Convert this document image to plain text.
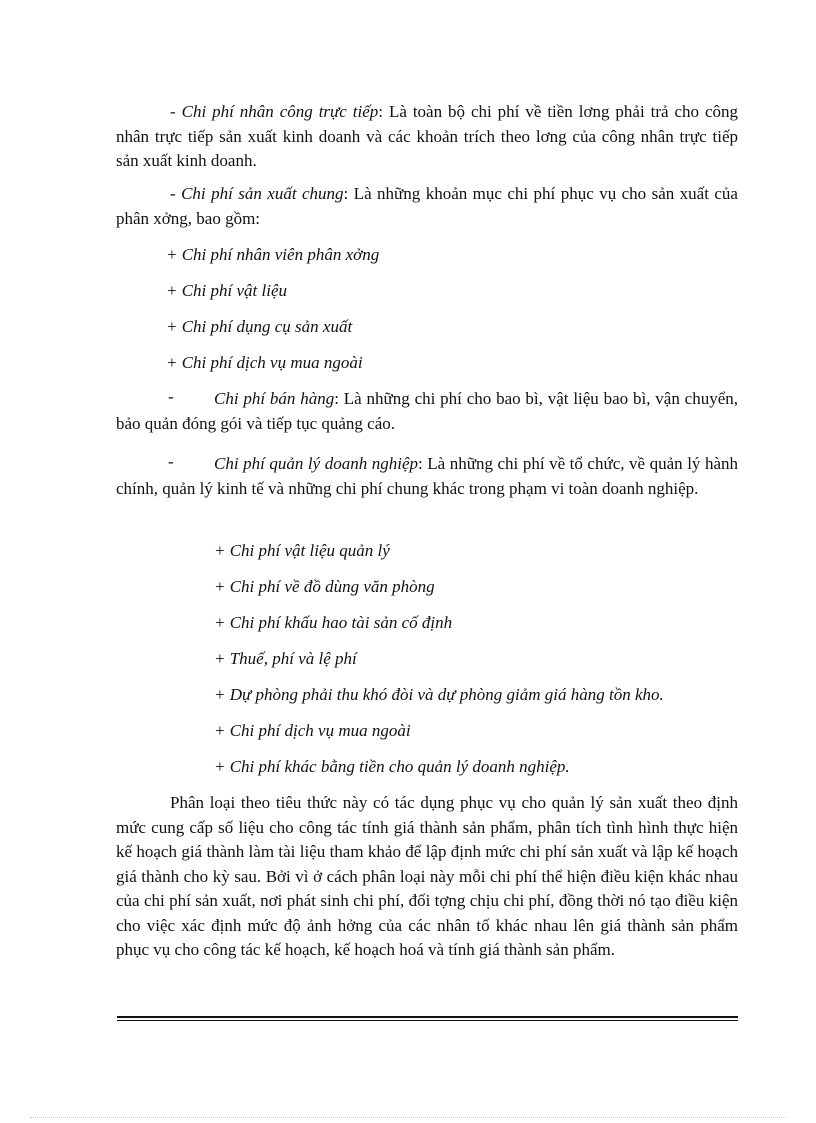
- Chi phí nhân công trực tiếp: Là toàn bộ chi phí về tiền lơng phải trả cho công nhân trực tiếp sản xuất kinh doanh và các khoản trích theo lơng của công nhân trực tiếp sản xuất kinh doanh.

- Chi phí sản xuất chung: Là những khoản mục chi phí phục vụ cho sản xuất của phân xởng, bao gồm:

+ Chi phí nhân viên phân xởng
+ Chi phí vật liệu
+ Chi phí dụng cụ sản xuất
+ Chi phí dịch vụ mua ngoài
-	Chi phí bán hàng: Là những chi phí cho bao bì, vật liệu bao bì, vận chuyển, bảo quản đóng gói và tiếp tục quảng cáo.

-	Chi phí quản lý doanh nghiệp: Là những chi phí về tổ chức, về quản lý hành chính, quản lý kinh tế và những chi phí chung khác trong phạm vi toàn doanh nghiệp.

+ Chi phí vật liệu quản lý
+ Chi phí về đồ dùng văn phòng
+ Chi phí khấu hao tài sản cố định
+ Thuế, phí và lệ phí
+ Dự phòng phải thu khó đòi và dự phòng giảm giá hàng tồn kho.
+ Chi phí dịch vụ mua ngoài
+ Chi phí khác bằng tiền cho quản lý doanh nghiệp.

Phân loại theo tiêu thức này có tác dụng phục vụ cho quản lý sản xuất theo định mức cung cấp số liệu cho công tác tính giá thành sản phẩm, phân tích tình hình thực hiện kế hoạch giá thành làm tài liệu tham khảo để lập định mức chi phí sản xuất và lập kế hoạch giá thành cho kỳ sau. Bởi vì ở cách phân loại này mỗi chi phí thể hiện điều kiện khác nhau của chi phí sản xuất, nơi phát sinh chi phí, đối tợng chịu chi phí, đồng thời nó tạo điều kiện cho việc xác định mức độ ảnh hởng của các nhân tố khác nhau lên giá thành sản phẩm phục vụ cho công tác kế hoạch, kế hoạch hoá và tính giá thành sản phẩm.
